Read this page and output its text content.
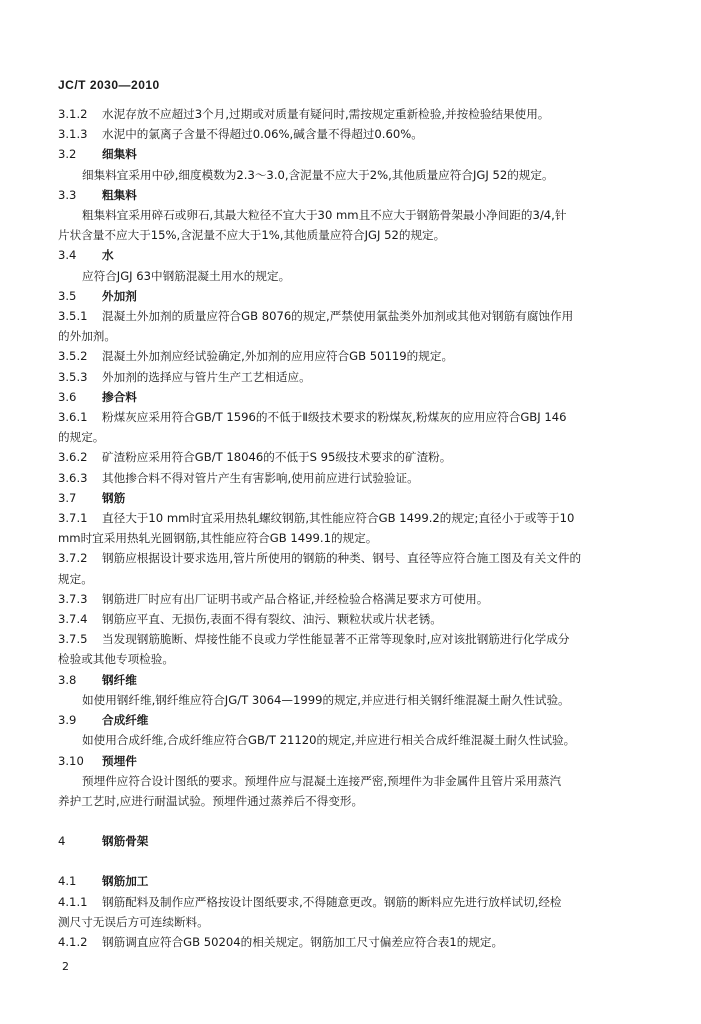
JC/T 2030—2010
3.1.2 水泥存放不应超过3个月,过期或对质量有疑问时,需按规定重新检验,并按检验结果使用。
3.1.3 水泥中的氯离子含量不得超过0.06%,碱含量不得超过0.60%。
3.2 细集料
细集料宜采用中砂,细度模数为2.3～3.0,含泥量不应大于2%,其他质量应符合JGJ 52的规定。
3.3 粗集料
粗集料宜采用碎石或卵石,其最大粒径不宜大于30 mm且不应大于钢筋骨架最小净间距的3/4,针
片状含量不应大于15%,含泥量不应大于1%,其他质量应符合JGJ 52的规定。
3.4 水
应符合JGJ 63中钢筋混凝土用水的规定。
3.5 外加剂
3.5.1 混凝土外加剂的质量应符合GB 8076的规定,严禁使用氯盐类外加剂或其他对钢筋有腐蚀作用
的外加剂。
3.5.2 混凝土外加剂应经试验确定,外加剂的应用应符合GB 50119的规定。
3.5.3 外加剂的选择应与管片生产工艺相适应。
3.6 掺合料
3.6.1 粉煤灰应采用符合GB/T 1596的不低于Ⅱ级技术要求的粉煤灰,粉煤灰的应用应符合GBJ 146
的规定。
3.6.2 矿渣粉应采用符合GB/T 18046的不低于S 95级技术要求的矿渣粉。
3.6.3 其他掺合料不得对管片产生有害影响,使用前应进行试验验证。
3.7 钢筋
3.7.1 直径大于10 mm时宜采用热轧螺纹钢筋,其性能应符合GB 1499.2的规定;直径小于或等于10
mm时宜采用热轧光圆钢筋,其性能应符合GB 1499.1的规定。
3.7.2 钢筋应根据设计要求选用,管片所使用的钢筋的种类、钢号、直径等应符合施工图及有关文件的
规定。
3.7.3 钢筋进厂时应有出厂证明书或产品合格证,并经检验合格满足要求方可使用。
3.7.4 钢筋应平直、无损伤,表面不得有裂纹、油污、颗粒状或片状老锈。
3.7.5 当发现钢筋脆断、焊接性能不良或力学性能显著不正常等现象时,应对该批钢筋进行化学成分
检验或其他专项检验。
3.8 钢纤维
如使用钢纤维,钢纤维应符合JG/T 3064—1999的规定,并应进行相关钢纤维混凝土耐久性试验。
3.9 合成纤维
如使用合成纤维,合成纤维应符合GB/T 21120的规定,并应进行相关合成纤维混凝土耐久性试验。
3.10 预埋件
预埋件应符合设计图纸的要求。预埋件应与混凝土连接严密,预埋件为非金属件且管片采用蒸汽
养护工艺时,应进行耐温试验。预埋件通过蒸养后不得变形。
4	钢筋骨架
4.1 钢筋加工
4.1.1 钢筋配料及制作应严格按设计图纸要求,不得随意更改。钢筋的断料应先进行放样试切,经检
测尺寸无误后方可连续断料。
4.1.2 钢筋调直应符合GB 50204的相关规定。钢筋加工尺寸偏差应符合表1的规定。
2
